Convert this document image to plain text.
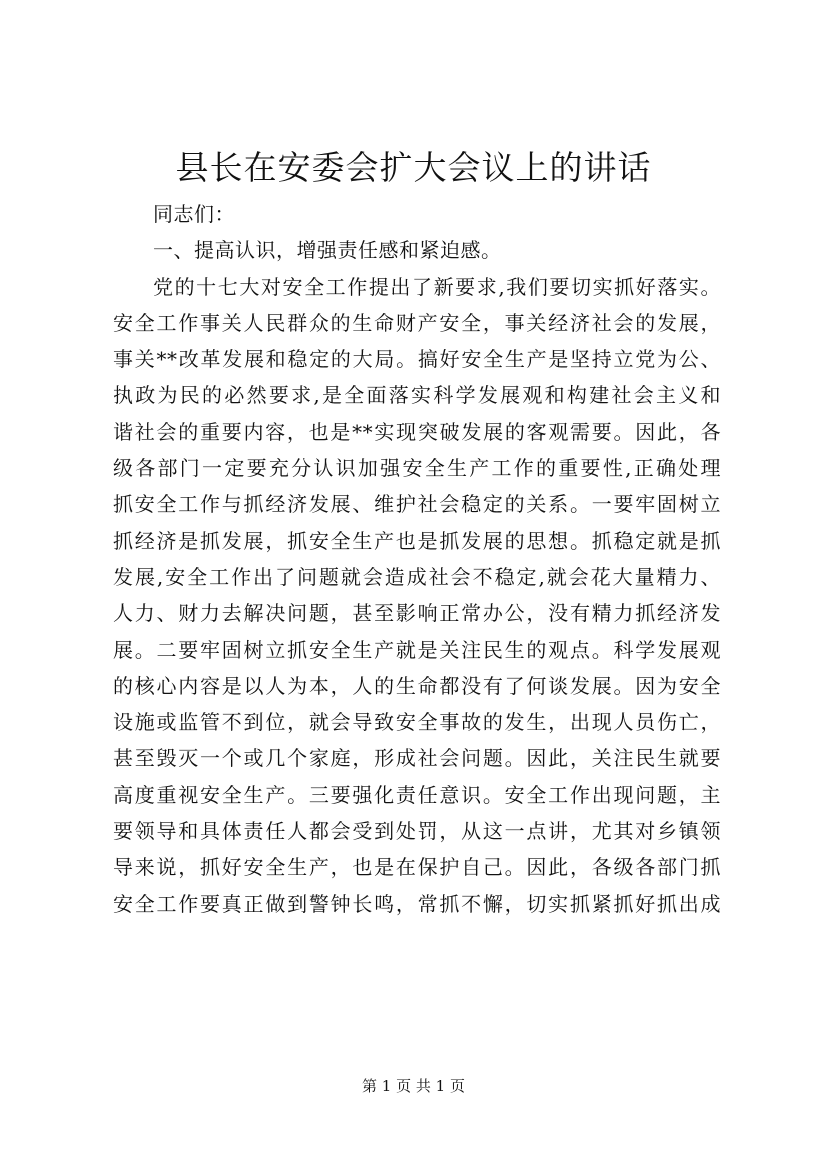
县长在安委会扩大会议上的讲话
同志们：
一、提高认识，增强责任感和紧迫感。
党的十七大对安全工作提出了新要求,我们要切实抓好落实。
安全工作事关人民群众的生命财产安全，事关经济社会的发展，
事关**改革发展和稳定的大局。搞好安全生产是坚持立党为公、
执政为民的必然要求,是全面落实科学发展观和构建社会主义和
谐社会的重要内容，也是**实现突破发展的客观需要。因此，各
级各部门一定要充分认识加强安全生产工作的重要性,正确处理
抓安全工作与抓经济发展、维护社会稳定的关系。一要牢固树立
抓经济是抓发展，抓安全生产也是抓发展的思想。抓稳定就是抓
发展,安全工作出了问题就会造成社会不稳定,就会花大量精力、
人力、财力去解决问题，甚至影响正常办公，没有精力抓经济发
展。二要牢固树立抓安全生产就是关注民生的观点。科学发展观
的核心内容是以人为本，人的生命都没有了何谈发展。因为安全
设施或监管不到位，就会导致安全事故的发生，出现人员伤亡，
甚至毁灭一个或几个家庭，形成社会问题。因此，关注民生就要
高度重视安全生产。三要强化责任意识。安全工作出现问题，主
要领导和具体责任人都会受到处罚，从这一点讲，尤其对乡镇领
导来说，抓好安全生产，也是在保护自己。因此，各级各部门抓
安全工作要真正做到警钟长鸣，常抓不懈，切实抓紧抓好抓出成
第 1 页 共 1 页
